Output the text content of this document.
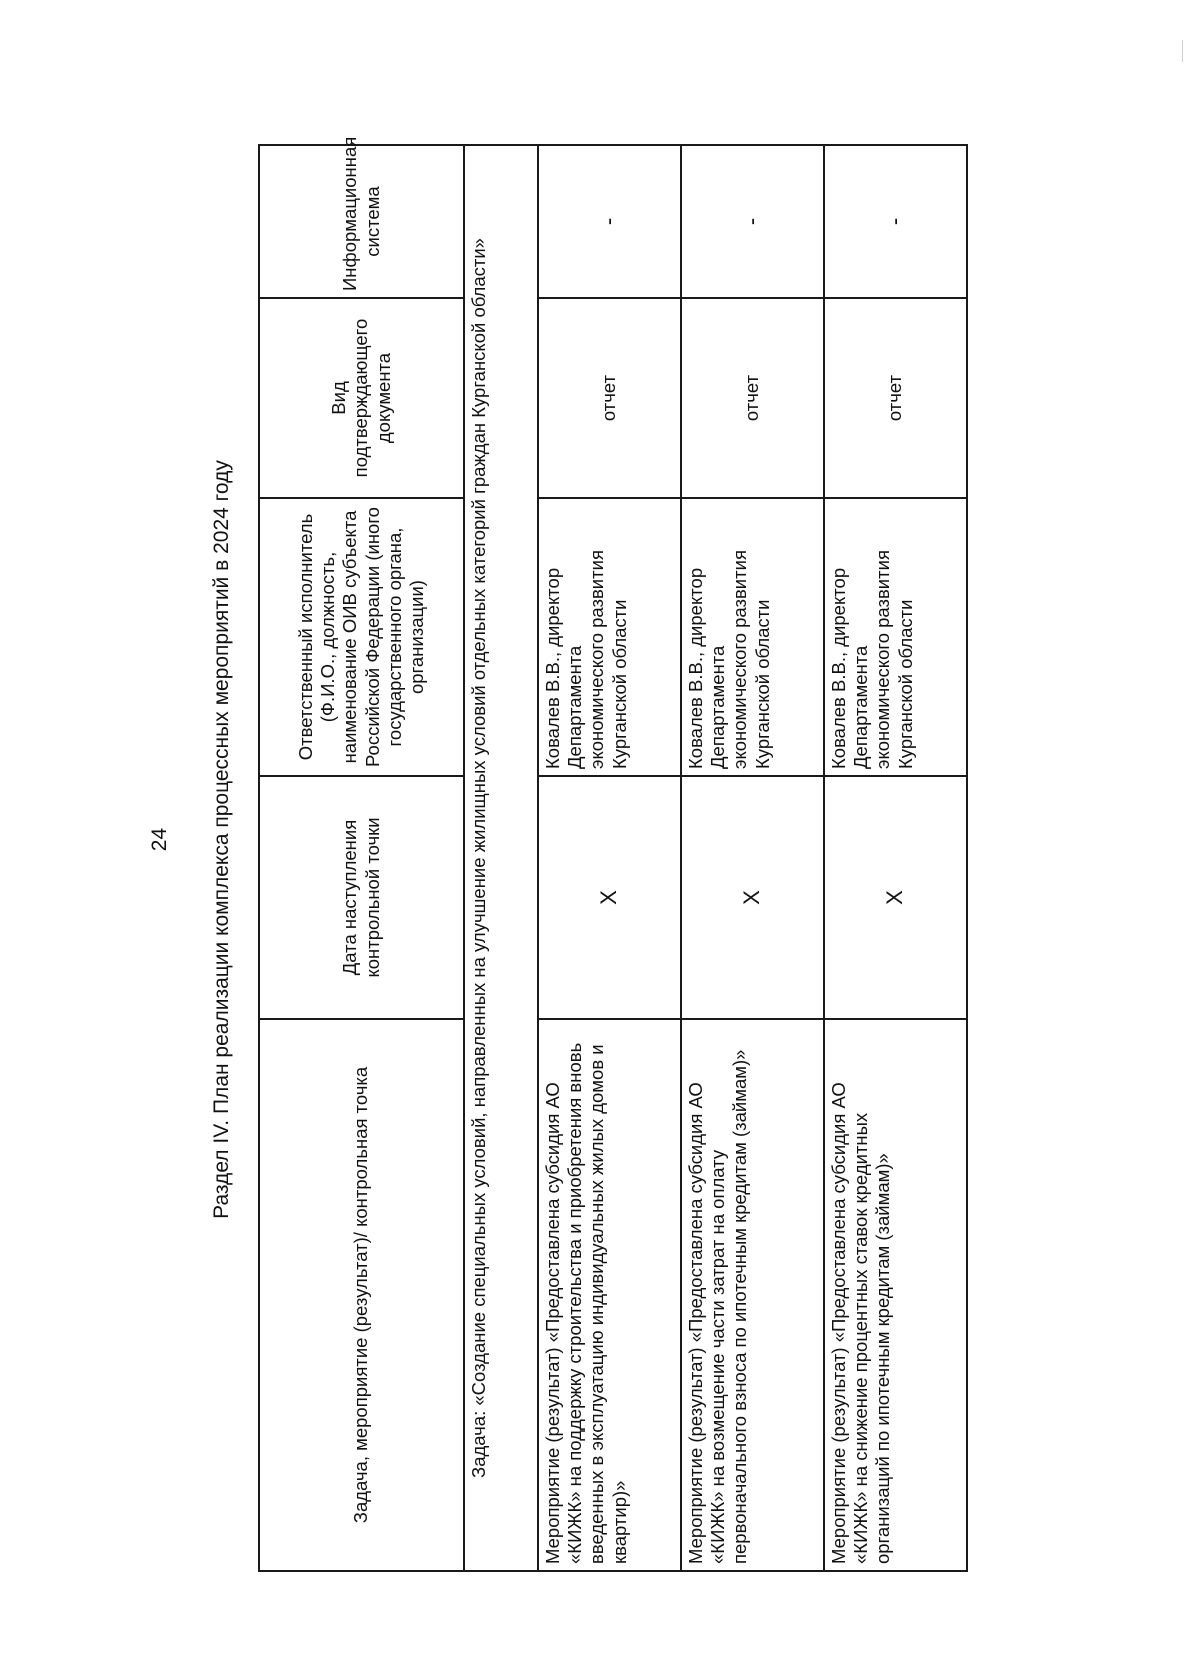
24 Раздел IV. План реализации комплекса процессных мероприятий в 2024 году
Задача, мероприятие (результат)/ контрольная точка	Дата наступления контрольной точки	Ответственный исполнитель (Ф.И.О., должность, наименование ОИВ субъекта Российской Федерации (иного государственного органа, организации)	Вид подтверждающего документа	Информационная система
Задача: «Создание специальных условий, направленных на улучшение жилищных условий отдельных категорий граждан Курганской области»				
Мероприятие (результат) «Предоставлена субсидия АО «КИЖК» на поддержку строительства и приобретения вновь введенных в эксплуатацию индивидуальных жилых домов и квартир)»	X	Ковалев В.В., директор Департамента экономического развития Курганской области	отчет	-
Мероприятие (результат) «Предоставлена субсидия АО «КИЖК» на возмещение части затрат на оплату первоначального взноса по ипотечным кредитам (займам)»	X	Ковалев В.В., директор Департамента экономического развития Курганской области	отчет	-
Мероприятие (результат) «Предоставлена субсидия АО «КИЖК» на снижение процентных ставок кредитных организаций по ипотечным кредитам (займам)»	X	Ковалев В.В., директор Департамента экономического развития Курганской области	отчет	-
